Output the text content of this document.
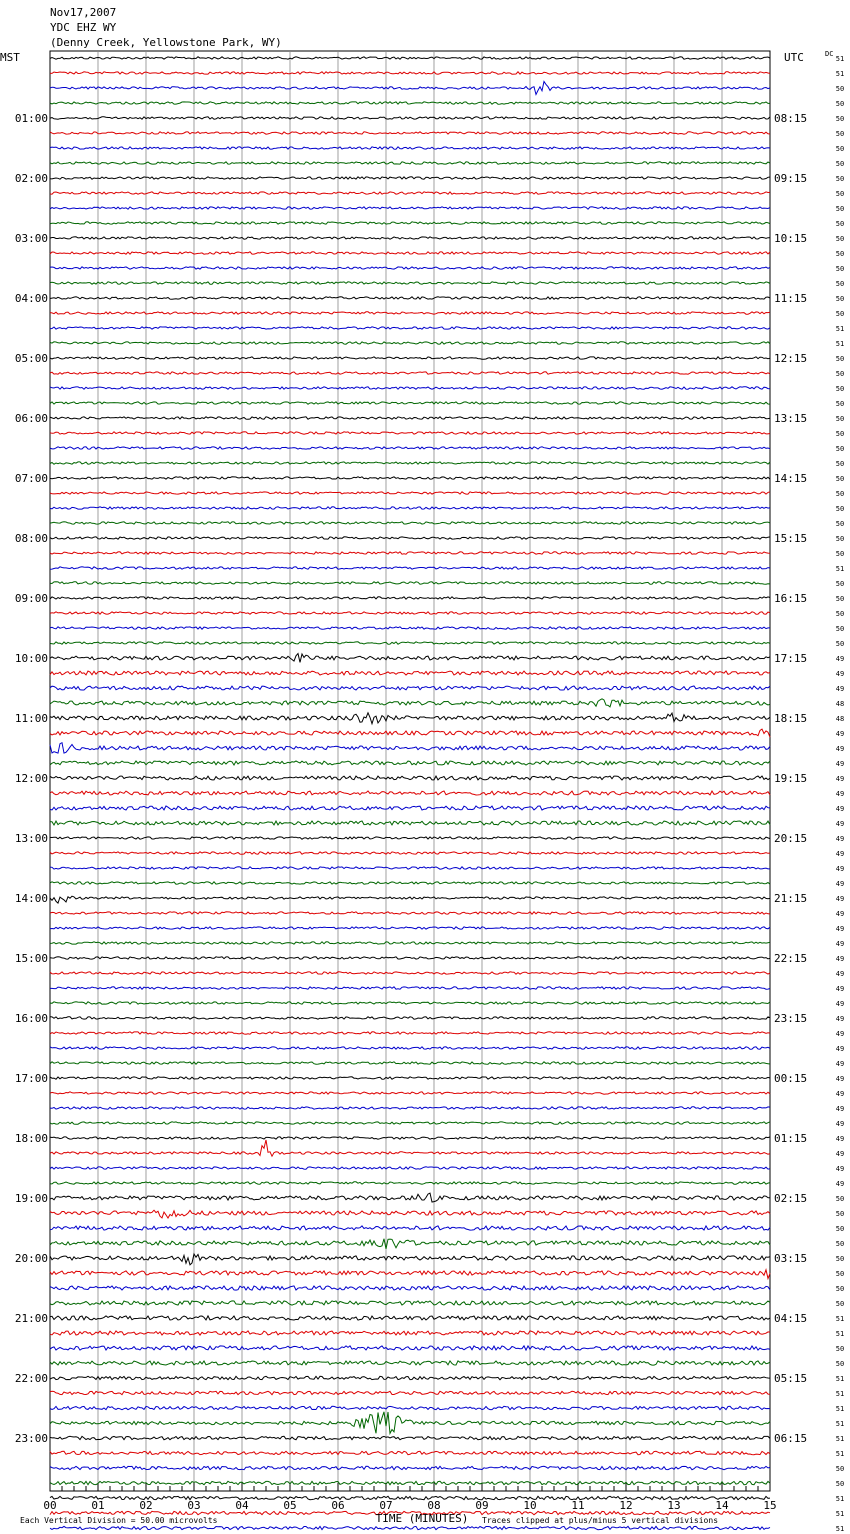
Nov17,2007
YDC EHZ WY
(Denny Creek, Yellowstone Park, WY)
MST	UTC	DC
01:00
02:00
03:00
04:00
05:00
06:00
07:00
08:00
09:00
10:00
11:00
12:00
13:00
14:00
15:00
16:00
17:00
18:00
19:00
20:00
21:00
22:00
23:00
08:15
09:15
10:15
11:15
12:15
13:15
14:15
15:15
16:15
17:15
18:15
19:15
20:15
21:15
22:15
23:15
00:15
01:15
02:15
03:15
04:15
05:15
06:15
51
51
50
50
50
50
50
50
50
50
50
50
50
50
50
50
50
50
51
51
50
50
50
50
50
50
50
50
50
50
50
50
50
50
51
50
50
50
50
50
49
49
49
48
48
49
49
49
49
49
49
49
49
49
49
49
49
49
49
49
49
49
49
49
49
49
49
49
49
49
49
49
49
49
49
49
50
50
50
50
50
50
50
50
51
51
50
50
51
51
51
51
51
51
50
50
51
51
51
00	01	02	03	04	05	06	07	08	09	10	11	12	13	14	15
TIME (MINUTES)
Each Vertical Division = 50.00 microvolts	Traces clipped at plus/minus 5 vertical divisions
